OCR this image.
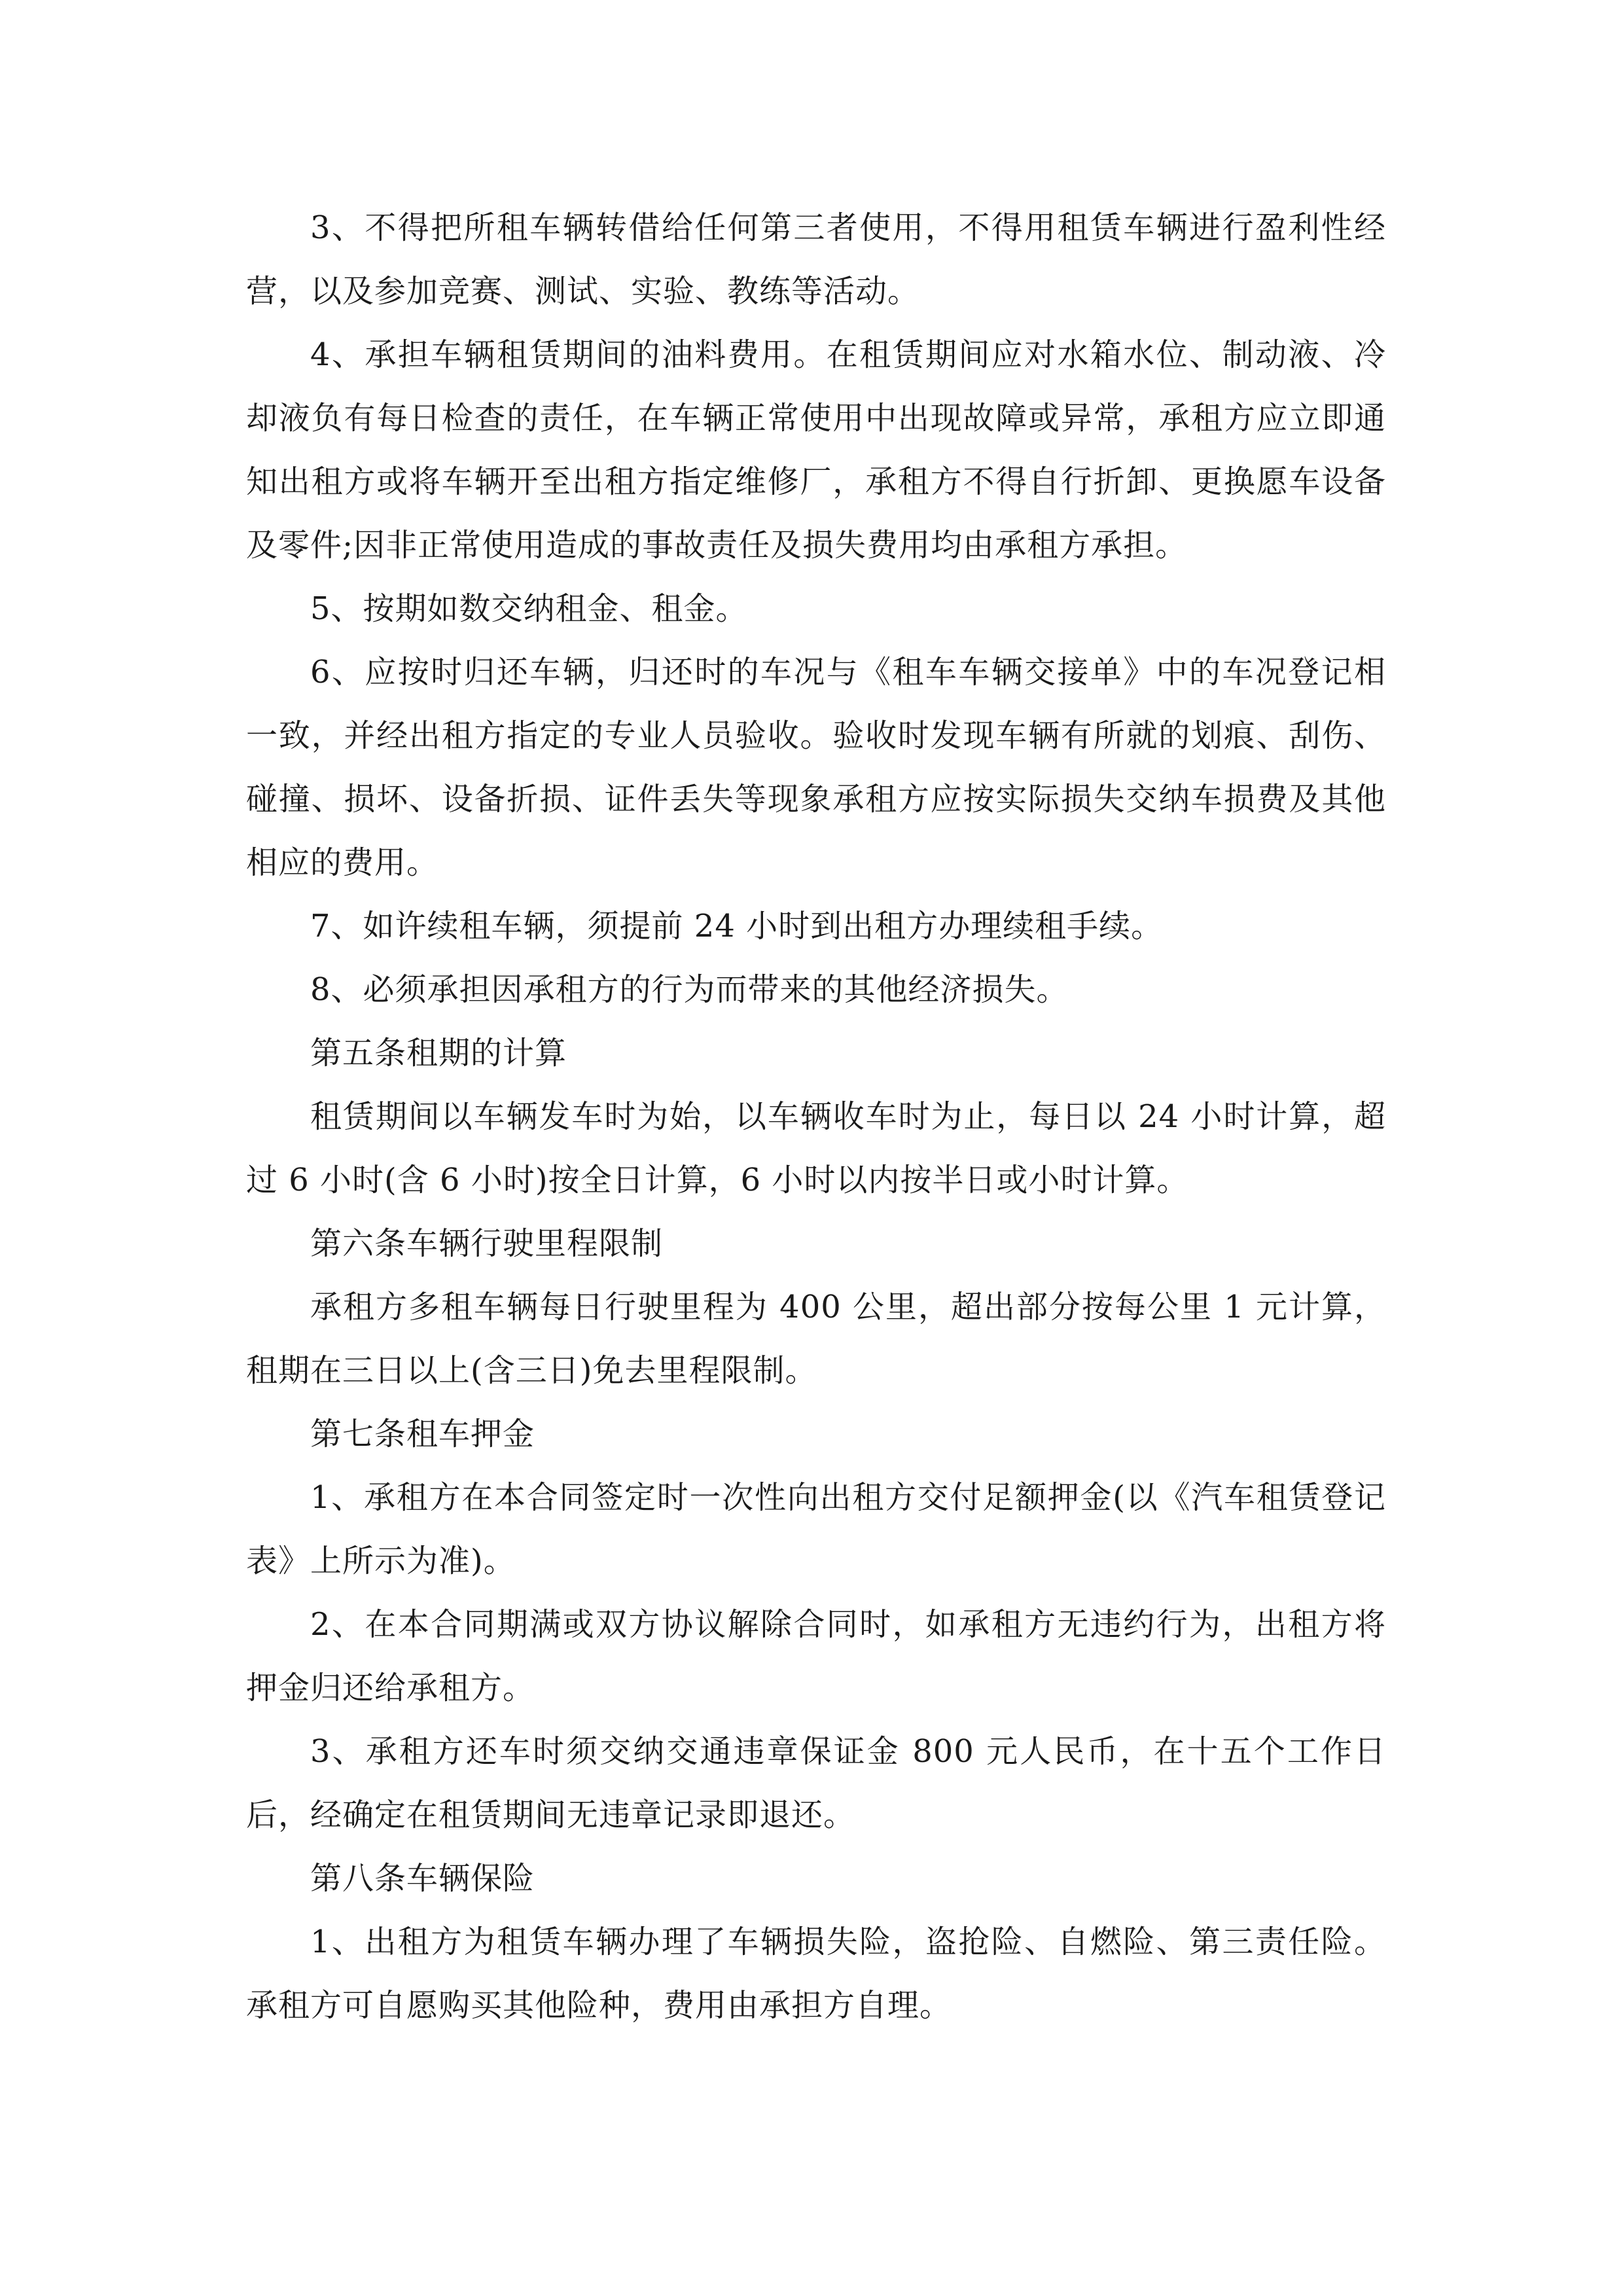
3、不得把所租车辆转借给任何第三者使用，不得用租赁车辆进行盈利性经营，以及参加竞赛、测试、实验、教练等活动。

4、承担车辆租赁期间的油料费用。在租赁期间应对水箱水位、制动液、冷却液负有每日检查的责任，在车辆正常使用中出现故障或异常，承租方应立即通知出租方或将车辆开至出租方指定维修厂，承租方不得自行折卸、更换愿车设备及零件;因非正常使用造成的事故责任及损失费用均由承租方承担。

5、按期如数交纳租金、租金。

6、应按时归还车辆，归还时的车况与《租车车辆交接单》中的车况登记相一致，并经出租方指定的专业人员验收。验收时发现车辆有所就的划痕、刮伤、碰撞、损坏、设备折损、证件丢失等现象承租方应按实际损失交纳车损费及其他相应的费用。

7、如许续租车辆，须提前 24 小时到出租方办理续租手续。

8、必须承担因承租方的行为而带来的其他经济损失。

第五条租期的计算

租赁期间以车辆发车时为始，以车辆收车时为止，每日以 24 小时计算，超过 6 小时(含 6 小时)按全日计算，6 小时以内按半日或小时计算。

第六条车辆行驶里程限制

承租方多租车辆每日行驶里程为 400 公里，超出部分按每公里 1 元计算，租期在三日以上(含三日)免去里程限制。

第七条租车押金

1、承租方在本合同签定时一次性向出租方交付足额押金(以《汽车租赁登记表》上所示为准)。

2、在本合同期满或双方协议解除合同时，如承租方无违约行为，出租方将押金归还给承租方。

3、承租方还车时须交纳交通违章保证金 800 元人民币，在十五个工作日后，经确定在租赁期间无违章记录即退还。

第八条车辆保险

1、出租方为租赁车辆办理了车辆损失险，盗抢险、自燃险、第三责任险。承租方可自愿购买其他险种，费用由承担方自理。
